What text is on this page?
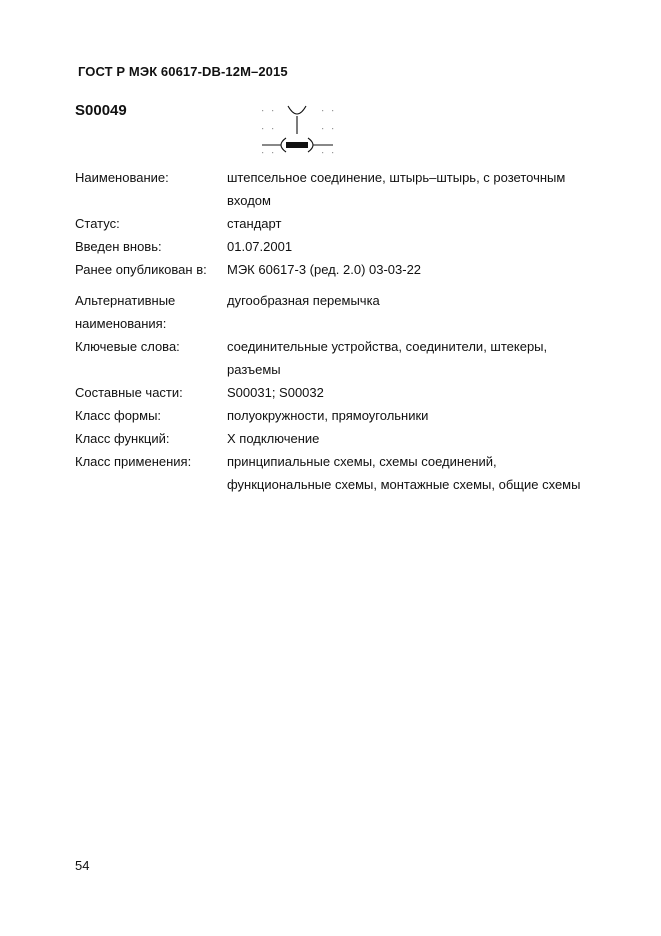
ГОСТ Р МЭК 60617-DB-12M–2015
S00049
Наименование:	штепсельное соединение, штырь–штырь, с розеточным входом
Статус:	стандарт
Введен вновь:	01.07.2001
Ранее опубликован в:	МЭК 60617-3 (ред. 2.0) 03-03-22
Альтернативные наименования:
дугообразная перемычка
Ключевые слова:	соединительные устройства, соединители, штекеры, разъемы
Составные части:	S00031; S00032
Класс формы:	полуокружности, прямоугольники
Класс функций:	X подключение
Класс применения:	принципиальные схемы, схемы соединений, функциональные схемы, монтажные схемы, общие схемы
54
